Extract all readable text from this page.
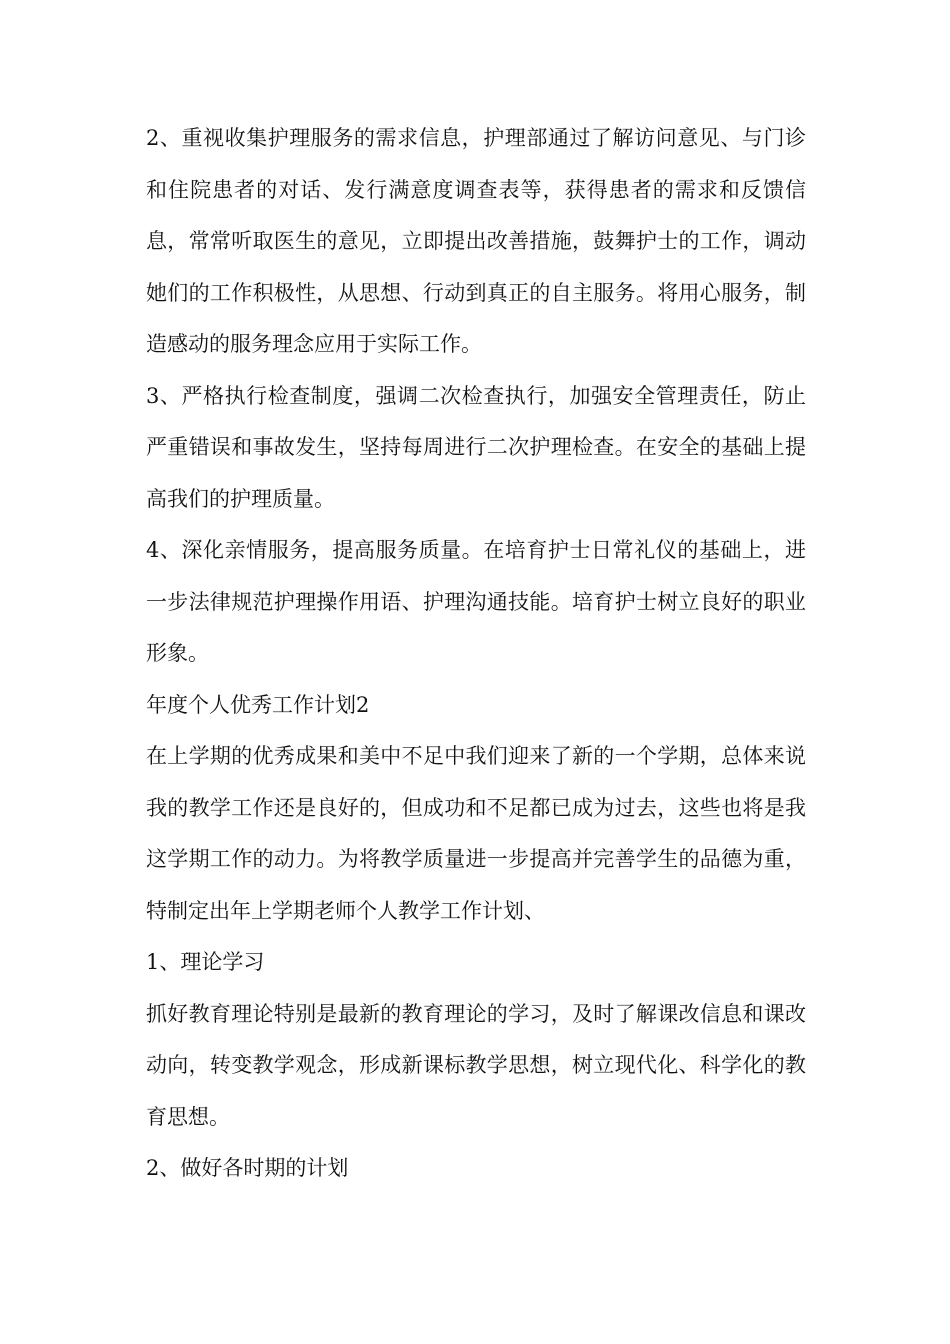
2、重视收集护理服务的需求信息，护理部通过了解访问意见、与门诊和住院患者的对话、发行满意度调查表等，获得患者的需求和反馈信息，常常听取医生的意见，立即提出改善措施，鼓舞护士的工作，调动她们的工作积极性，从思想、行动到真正的自主服务。将用心服务，制造感动的服务理念应用于实际工作。

3、严格执行检查制度，强调二次检查执行，加强安全管理责任，防止严重错误和事故发生，坚持每周进行二次护理检查。在安全的基础上提高我们的护理质量。

4、深化亲情服务，提高服务质量。在培育护士日常礼仪的基础上，进一步法律规范护理操作用语、护理沟通技能。培育护士树立良好的职业形象。

年度个人优秀工作计划2

在上学期的优秀成果和美中不足中我们迎来了新的一个学期，总体来说我的教学工作还是良好的，但成功和不足都已成为过去，这些也将是我这学期工作的动力。为将教学质量进一步提高并完善学生的品德为重，特制定出年上学期老师个人教学工作计划、

1、理论学习

抓好教育理论特别是最新的教育理论的学习，及时了解课改信息和课改动向，转变教学观念，形成新课标教学思想，树立现代化、科学化的教育思想。

2、做好各时期的计划
